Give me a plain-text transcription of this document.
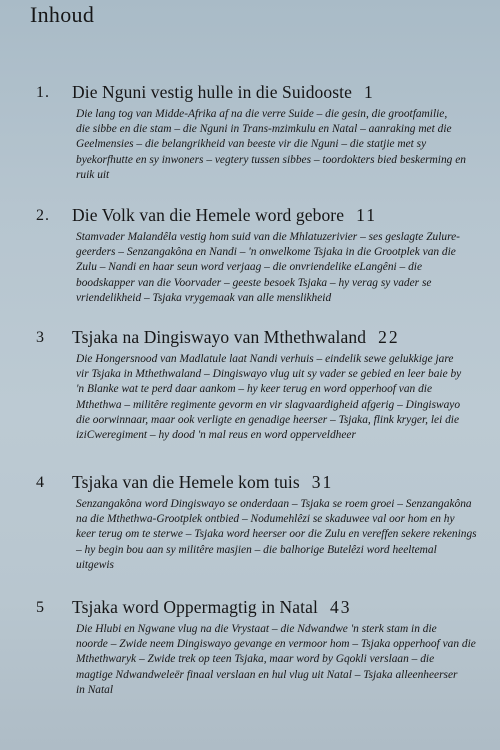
Inhoud
1. Die Nguni vestig hulle in die Suidooste 1
Die lang tog van Midde-Afrika af na die verre Suide – die gesin, die grootfamilie,
die sibbe en die stam – die Nguni in Trans-mzimkulu en Natal – aanraking met die
Geelmensies – die belangrikheid van beeste vir die Nguni – die statjie met sy
byekorfhutte en sy inwoners – vegtery tussen sibbes – toordokters bied beskerming en
ruik uit
2. Die Volk van die Hemele word gebore 11
Stamvader Malandêla vestig hom suid van die Mhlatuzerivier – ses geslagte Zulure-
geerders – Senzangakôna en Nandi – 'n onwelkome Tsjaka in die Grootplek van die
Zulu – Nandi en haar seun word verjaag – die onvriendelike eLangêni – die
boodskapper van die Voorvader – geeste besoek Tsjaka – hy verag sy vader se
vriendelikheid – Tsjaka vrygemaak van alle menslikheid
3 Tsjaka na Dingiswayo van Mthethwaland 22
Die Hongersnood van Madlatule laat Nandi verhuis – eindelik sewe gelukkige jare
vir Tsjaka in Mthethwaland – Dingiswayo vlug uit sy vader se gebied en leer baie by
'n Blanke wat te perd daar aankom – hy keer terug en word opperhoof van die
Mthethwa – militêre regimente gevorm en vir slagvaardigheid afgerig – Dingiswayo
die oorwinnaar, maar ook verligte en genadige heerser – Tsjaka, flink kryger, lei die
iziCweregiment – hy dood 'n mal reus en word opperveldheer
4 Tsjaka van die Hemele kom tuis 31
Senzangakôna word Dingiswayo se onderdaan – Tsjaka se roem groei – Senzangakôna
na die Mthethwa-Grootplek ontbied – Nodumehlêzi se skaduwee val oor hom en hy
keer terug om te sterwe – Tsjaka word heerser oor die Zulu en vereffen sekere rekenings
– hy begin bou aan sy militêre masjien – die balhorige Butelêzi word heeltemal
uitgewis
5 Tsjaka word Oppermagtig in Natal 43
Die Hlubi en Ngwane vlug na die Vrystaat – die Ndwandwe 'n sterk stam in die
noorde – Zwide neem Dingiswayo gevange en vermoor hom – Tsjaka opperhoof van die
Mthethwaryk – Zwide trek op teen Tsjaka, maar word by Gqokli verslaan – die
magtige Ndwandweleër finaal verslaan en hul vlug uit Natal – Tsjaka alleenheerser
in Natal
